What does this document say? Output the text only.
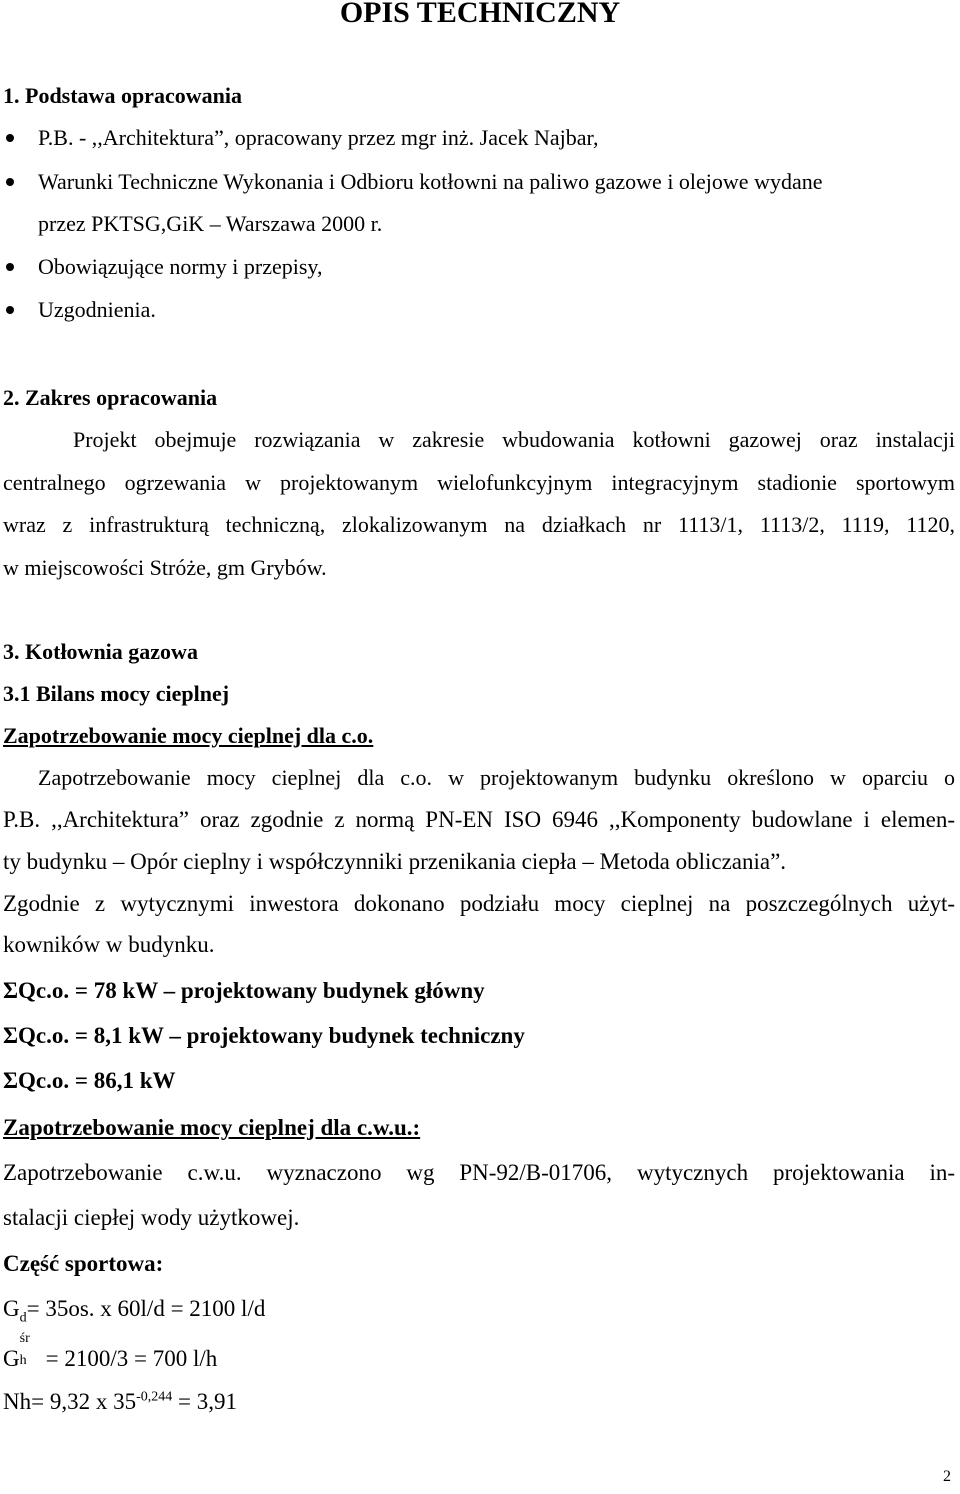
OPIS TECHNICZNY
1. Podstawa opracowania
P.B. - ,,Architektura”, opracowany przez mgr inż. Jacek Najbar,
Warunki Techniczne Wykonania i Odbioru kotłowni na paliwo gazowe i olejowe wydane
przez PKTSG,GiK – Warszawa 2000 r.
Obowiązujące normy i przepisy,
Uzgodnienia.
2. Zakres opracowania
Projekt obejmuje rozwiązania w zakresie wbudowania kotłowni gazowej oraz instalacji
centralnego ogrzewania w projektowanym wielofunkcyjnym integracyjnym stadionie sportowym
wraz z infrastrukturą techniczną, zlokalizowanym na działkach nr 1113/1, 1113/2, 1119, 1120,
w miejscowości Stróże, gm Grybów.
3. Kotłownia gazowa
3.1 Bilans mocy cieplnej
Zapotrzebowanie mocy cieplnej dla c.o.
Zapotrzebowanie mocy cieplnej dla c.o. w projektowanym budynku określono w oparciu o
P.B. ,,Architektura” oraz zgodnie z normą PN-EN ISO 6946 ,,Komponenty budowlane i elemen-
ty budynku – Opór cieplny i współczynniki przenikania ciepła – Metoda obliczania”.
Zgodnie z wytycznymi inwestora dokonano podziału mocy cieplnej na poszczególnych użyt-
kowników w budynku.
ΣQc.o. = 78 kW – projektowany budynek główny
ΣQc.o. = 8,1 kW – projektowany budynek techniczny
ΣQc.o. = 86,1 kW
Zapotrzebowanie mocy cieplnej dla c.w.u.:
Zapotrzebowanie c.w.u. wyznaczono wg PN-92/B-01706, wytycznych projektowania in-
stalacji ciepłej wody użytkowej.
Część sportowa:
$G_d= 35os$. x 60l/d = 2100 l/d
G
śr
h = 2100/3 = 700 l/h
Nh= 9,32 x $35^{-0,244} = 3,91$
2
